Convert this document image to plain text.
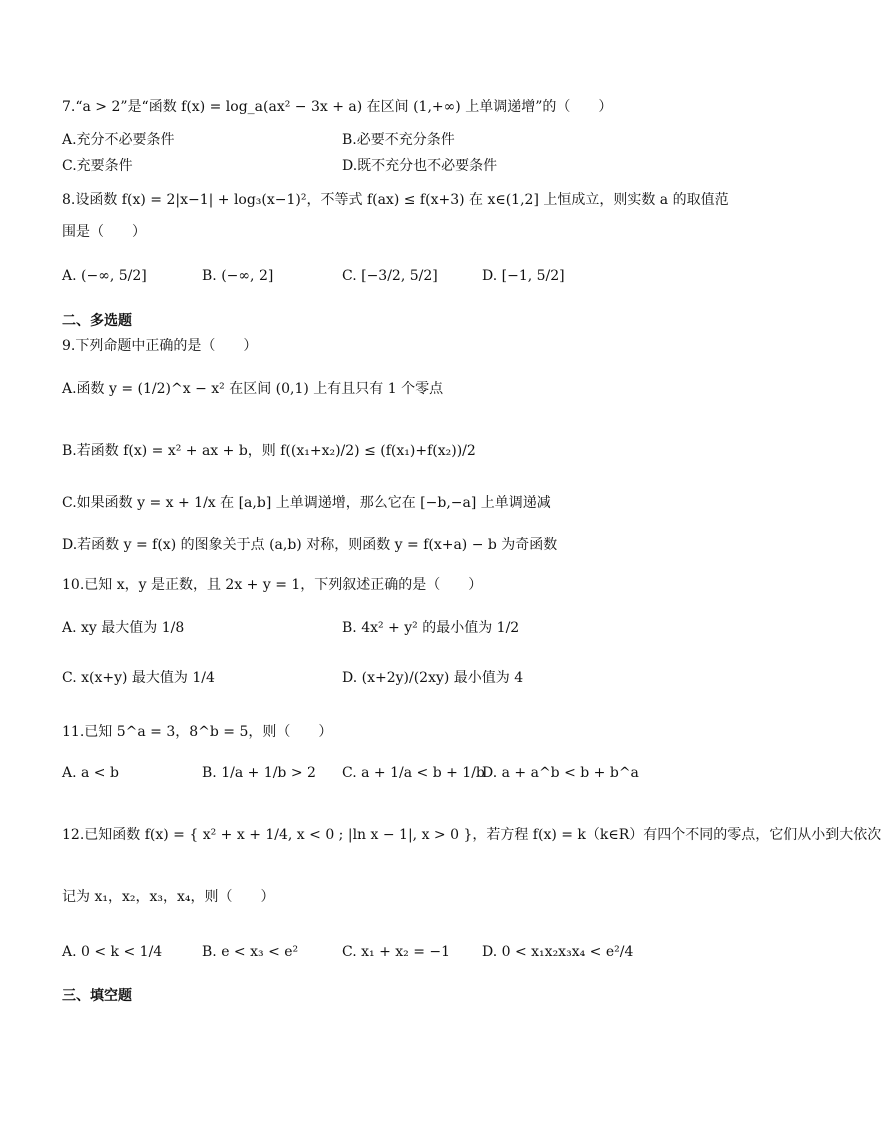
7.“a > 2”是“函数 f(x) = log_a(ax² − 3x + a) 在区间 (1,+∞) 上单调递增”的（　　）
A.充分不必要条件	B.必要不充分条件
C.充要条件	D.既不充分也不必要条件
8.设函数 f(x) = 2|x−1| + log₃(x−1)²，不等式 f(ax) ≤ f(x+3) 在 x∈(1,2] 上恒成立，则实数 a 的取值范
围是（　　）
A. (−∞, 5/2]	B. (−∞, 2]	C. [−3/2, 5/2]	D. [−1, 5/2]
二、多选题
9.下列命题中正确的是（　　）
A.函数 y = (1/2)^x − x² 在区间 (0,1) 上有且只有 1 个零点
B.若函数 f(x) = x² + ax + b，则 f((x₁+x₂)/2) ≤ (f(x₁)+f(x₂))/2
C.如果函数 y = x + 1/x 在 [a,b] 上单调递增，那么它在 [−b,−a] 上单调递减
D.若函数 y = f(x) 的图象关于点 (a,b) 对称，则函数 y = f(x+a) − b 为奇函数
10.已知 x，y 是正数，且 2x + y = 1，下列叙述正确的是（　　）
A. xy 最大值为 1/8	B. 4x² + y² 的最小值为 1/2
C. x(x+y) 最大值为 1/4	D. (x+2y)/(2xy) 最小值为 4
11.已知 5^a = 3，8^b = 5，则（　　）
A. a < b	B. 1/a + 1/b > 2 C. a + 1/a < b + 1/b
D. a + a^b < b + b^a
12.已知函数 f(x) = { x² + x + 1/4, x < 0 ; |ln x − 1|, x > 0 }，若方程 f(x) = k（k∈R）有四个不同的零点，它们从小到大依次
记为 x₁，x₂，x₃，x₄，则（　　）
A. 0 < k < 1/4	B. e < x₃ < e²	C. x₁ + x₂ = −1 D. 0 < x₁x₂x₃x₄ < e²/4
三、填空题
